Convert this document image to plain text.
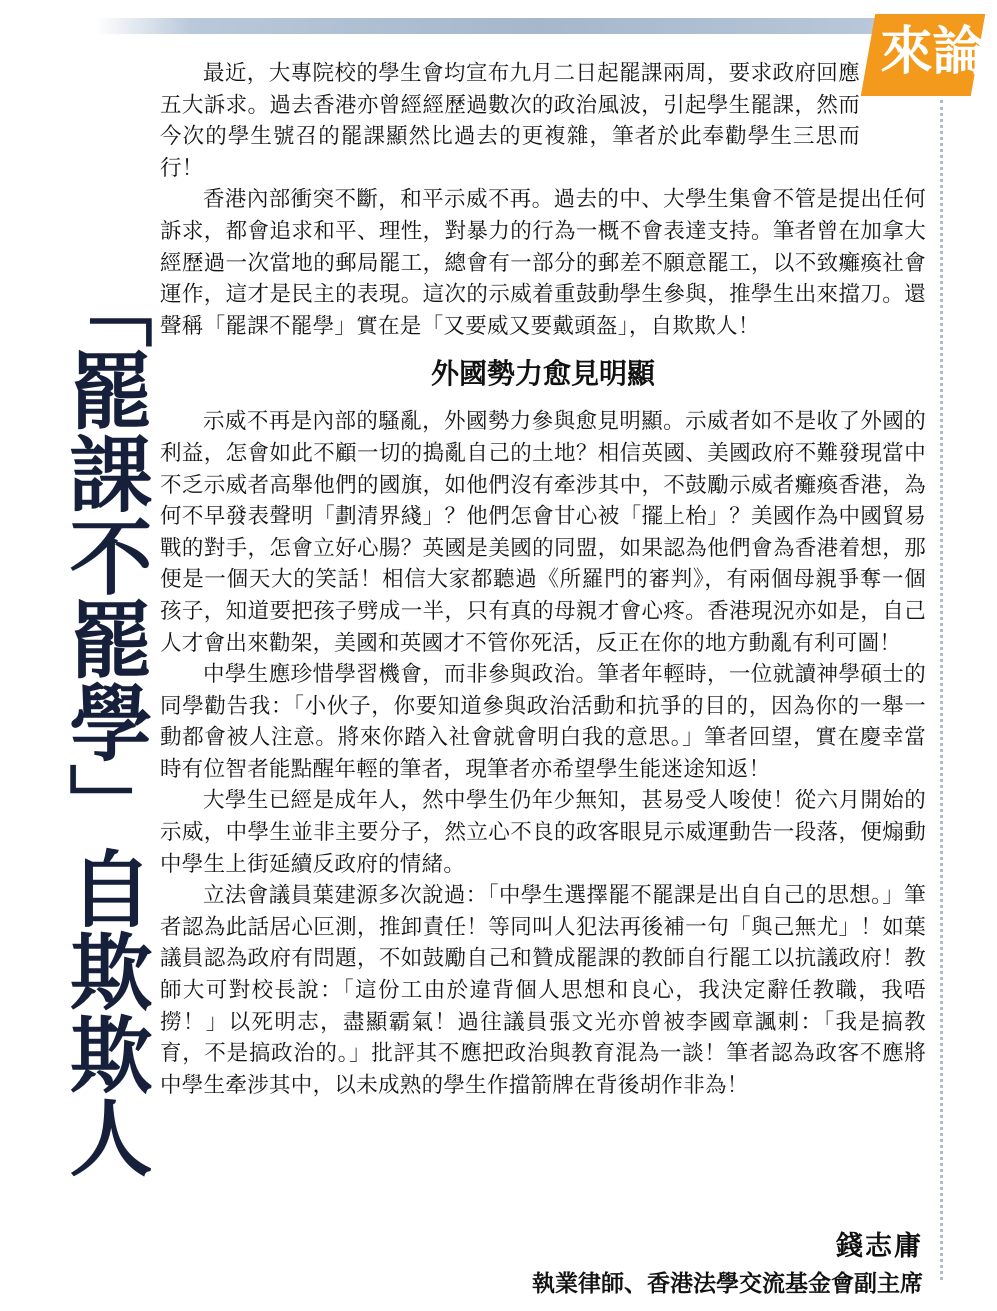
來論
「罷課不罷學」自欺欺人

最近，大專院校的學生會均宣布九月二日起罷課兩周，要求政府回應五大訴求。過去香港亦曾經經歷過數次的政治風波，引起學生罷課，然而今次的學生號召的罷課顯然比過去的更複雜，筆者於此奉勸學生三思而行！

香港內部衝突不斷，和平示威不再。過去的中、大學生集會不管是提出任何訴求，都會追求和平、理性，對暴力的行為一概不會表達支持。筆者曾在加拿大經歷過一次當地的郵局罷工，總會有一部分的郵差不願意罷工，以不致癱瘓社會運作，這才是民主的表現。這次的示威着重鼓動學生參與，推學生出來擋刀。還聲稱「罷課不罷學」實在是「又要威又要戴頭盔」，自欺欺人！

外國勢力愈見明顯

示威不再是內部的騷亂，外國勢力參與愈見明顯。示威者如不是收了外國的利益，怎會如此不顧一切的搗亂自己的土地？相信英國、美國政府不難發現當中不乏示威者高舉他們的國旗，如他們沒有牽涉其中，不鼓勵示威者癱瘓香港，為何不早發表聲明「劃清界綫」？他們怎會甘心被「擺上枱」？美國作為中國貿易戰的對手，怎會立好心腸？英國是美國的同盟，如果認為他們會為香港着想，那便是一個天大的笑話！相信大家都聽過《所羅門的審判》，有兩個母親爭奪一個孩子，知道要把孩子劈成一半，只有真的母親才會心疼。香港現況亦如是，自己人才會出來勸架，美國和英國才不管你死活，反正在你的地方動亂有利可圖！

中學生應珍惜學習機會，而非參與政治。筆者年輕時，一位就讀神學碩士的同學勸告我：「小伙子，你要知道參與政治活動和抗爭的目的，因為你的一舉一動都會被人注意。將來你踏入社會就會明白我的意思。」筆者回望，實在慶幸當時有位智者能點醒年輕的筆者，現筆者亦希望學生能迷途知返！

大學生已經是成年人，然中學生仍年少無知，甚易受人唆使！從六月開始的示威，中學生並非主要分子，然立心不良的政客眼見示威運動告一段落，便煽動中學生上街延續反政府的情緒。

立法會議員葉建源多次說過：「中學生選擇罷不罷課是出自自己的思想。」筆者認為此話居心叵測，推卸責任！等同叫人犯法再後補一句「與己無尤」！如葉議員認為政府有問題，不如鼓勵自己和贊成罷課的教師自行罷工以抗議政府！教師大可對校長說：「這份工由於違背個人思想和良心，我決定辭任教職，我唔撈！」以死明志，盡顯霸氣！過往議員張文光亦曾被李國章諷刺：「我是搞教育，不是搞政治的。」批評其不應把政治與教育混為一談！筆者認為政客不應將中學生牽涉其中，以未成熟的學生作擋箭牌在背後胡作非為！

錢志庸
執業律師、香港法學交流基金會副主席
